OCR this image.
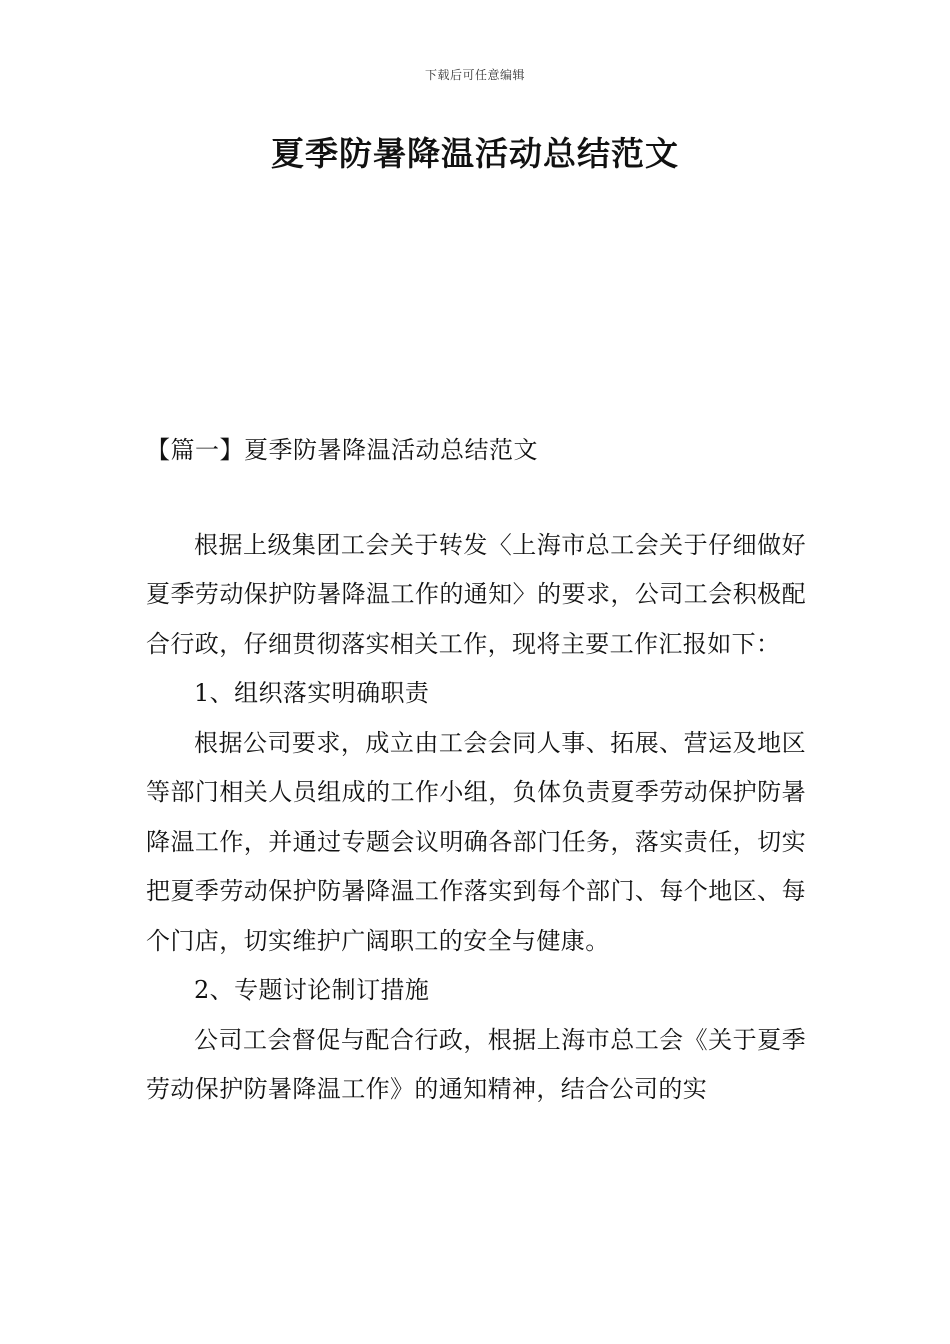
下载后可任意编辑
夏季防暑降温活动总结范文

【篇一】夏季防暑降温活动总结范文

根据上级集团工会关于转发〈上海市总工会关于仔细做好夏季劳动保护防暑降温工作的通知〉的要求，公司工会积极配合行政，仔细贯彻落实相关工作，现将主要工作汇报如下：

1、组织落实明确职责

根据公司要求，成立由工会会同人事、拓展、营运及地区等部门相关人员组成的工作小组，负体负责夏季劳动保护防暑降温工作，并通过专题会议明确各部门任务，落实责任，切实把夏季劳动保护防暑降温工作落实到每个部门、每个地区、每个门店，切实维护广阔职工的安全与健康。

2、专题讨论制订措施

公司工会督促与配合行政，根据上海市总工会《关于夏季劳动保护防暑降温工作》的通知精神，结合公司的实
